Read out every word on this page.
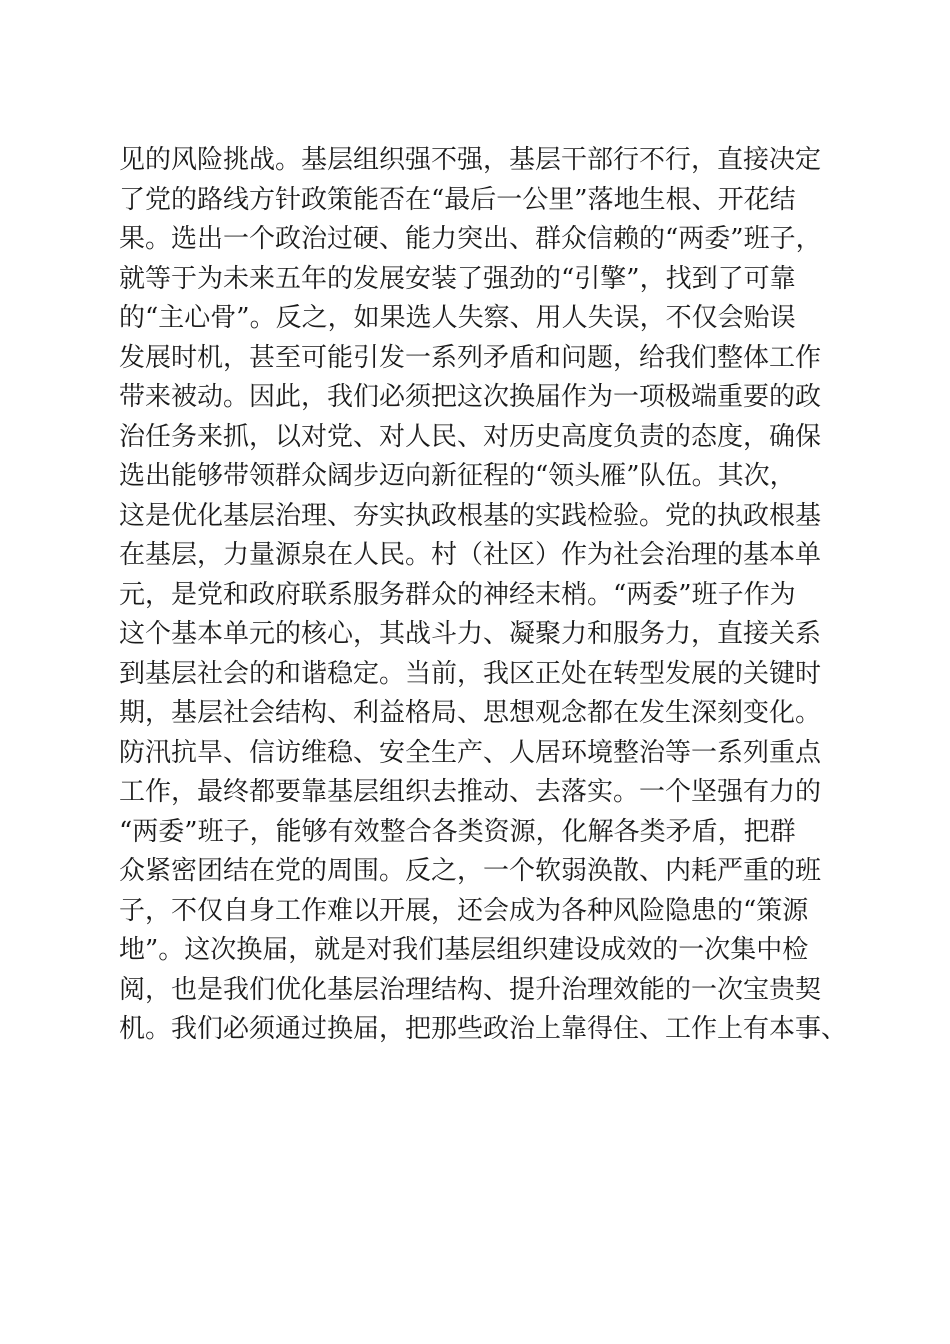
见的风险挑战。基层组织强不强，基层干部行不行，直接决定
了党的路线方针政策能否在“最后一公里”落地生根、开花结
果。选出一个政治过硬、能力突出、群众信赖的“两委”班子，
就等于为未来五年的发展安装了强劲的“引擎”，找到了可靠
的“主心骨”。反之，如果选人失察、用人失误，不仅会贻误
发展时机，甚至可能引发一系列矛盾和问题，给我们整体工作
带来被动。因此，我们必须把这次换届作为一项极端重要的政
治任务来抓，以对党、对人民、对历史高度负责的态度，确保
选出能够带领群众阔步迈向新征程的“领头雁”队伍。其次，
这是优化基层治理、夯实执政根基的实践检验。党的执政根基
在基层，力量源泉在人民。村（社区）作为社会治理的基本单
元，是党和政府联系服务群众的神经末梢。“两委”班子作为
这个基本单元的核心，其战斗力、凝聚力和服务力，直接关系
到基层社会的和谐稳定。当前，我区正处在转型发展的关键时
期，基层社会结构、利益格局、思想观念都在发生深刻变化。
防汛抗旱、信访维稳、安全生产、人居环境整治等一系列重点
工作，最终都要靠基层组织去推动、去落实。一个坚强有力的
“两委”班子，能够有效整合各类资源，化解各类矛盾，把群
众紧密团结在党的周围。反之，一个软弱涣散、内耗严重的班
子，不仅自身工作难以开展，还会成为各种风险隐患的“策源
地”。这次换届，就是对我们基层组织建设成效的一次集中检
阅，也是我们优化基层治理结构、提升治理效能的一次宝贵契
机。我们必须通过换届，把那些政治上靠得住、工作上有本事、
